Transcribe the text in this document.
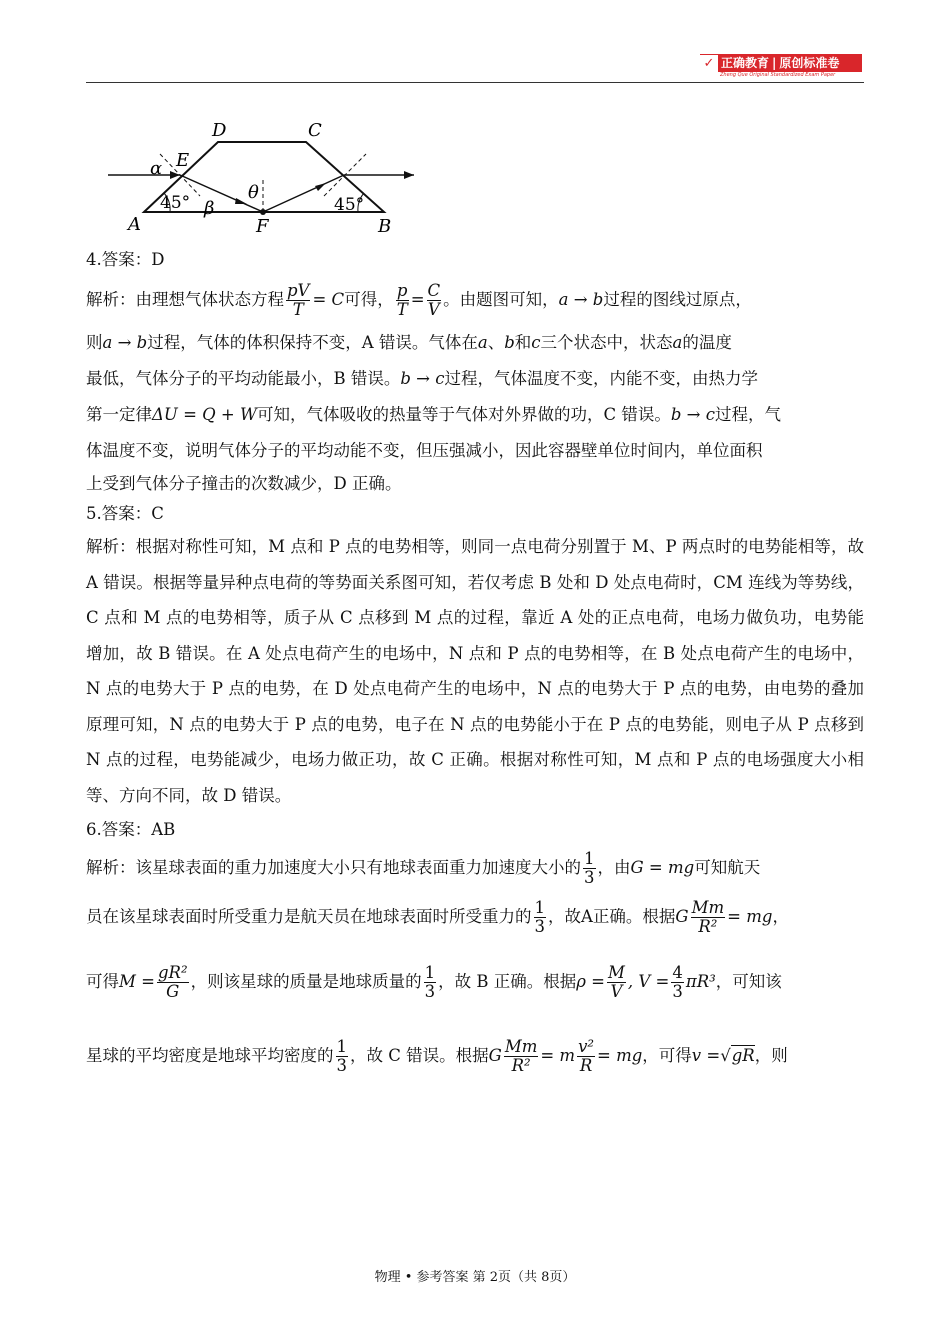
✓ 正确教育 | 原创标准卷
Zheng Que Original Standardized Exam Paper
A	B
C
D
E
F
α
β
θ
45°	45°

4.答案：D

解析：由理想气体状态方程 $\frac{pV}{T} = C$可得， $\frac{p}{T} = \frac{C}{V}$ 。由题图可知，a → b过程的图线过原点，

则a → b过程，气体的体积保持不变，A 错误。气体在a、b和c三个状态中，状态a的温度

最低，气体分子的平均动能最小，B 错误。b → c过程，气体温度不变，内能不变，由热力学

第一定律ΔU = Q + W可知，气体吸收的热量等于气体对外界做的功，C 错误。b → c过程，气

体温度不变，说明气体分子的平均动能不变，但压强减小，因此容器壁单位时间内，单位面积

上受到气体分子撞击的次数减少，D 正确。

5.答案：C

解析：根据对称性可知，M 点和 P 点的电势相等，则同一点电荷分别置于 M、P 两点时的电势能相等，故 A 错误。根据等量异种点电荷的等势面关系图可知，若仅考虑 B 处和 D 处点电荷时，CM 连线为等势线，C 点和 M 点的电势相等，质子从 C 点移到 M 点的过程，靠近 A 处的正点电荷，电场力做负功，电势能增加，故 B 错误。在 A 处点电荷产生的电场中，N 点和 P 点的电势相等，在 B 处点电荷产生的电场中，N 点的电势大于 P 点的电势，在 D 处点电荷产生的电场中，N 点的电势大于 P 点的电势，由电势的叠加原理可知，N 点的电势大于 P 点的电势，电子在 N 点的电势能小于在 P 点的电势能，则电子从 P 点移到 N 点的过程，电势能减少，电场力做正功，故 C 正确。根据对称性可知，M 点和 P 点的电场强度大小相等、方向不同，故 D 错误。

6.答案：AB

解析：该星球表面的重力加速度大小只有地球表面重力加速度大小的 $\frac{1}{3}$ ，由G = mg可知航天

员在该星球表面时所受重力是航天员在地球表面时所受重力的 $\frac{1}{3}$ ，故A正确。根据G $\frac{Mm}{\text{R²}}$ = mg，

可得$M = \frac{\text{gR²}}{G}$ ，则该星球的质量是地球质量的 $\frac{1}{3}$ ，故 B 正确。根据$\rho = \frac{M}{V}$ , $V = \frac{4}{3} \pi R^3$，可知该

星球的平均密度是地球平均密度的 $\frac{1}{3}$ ，故 C 错误。根据G $\frac{Mm}{\text{R²}} = m \frac{\text{v²}}{R}$ = mg，可得v =√gR，则

物理 • 参考答案 第 2页（共 8页）
